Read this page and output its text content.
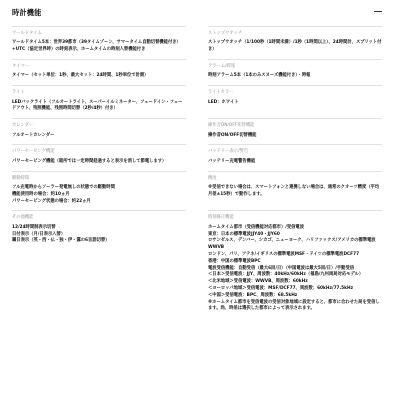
時計機能
ワールドタイム
ワールドタイム5本：世界39都市（39タイムゾーン、サマータイム自動切替機能付き）+UTC（協定世界時）の時刻表示、ホームタイムの時刻入替機能付き
ストップウオッチ
ストップウオッチ（1/100秒（1時間未満）/1秒（1時間以上）、24時間計、スプリット付き）
タイマー
タイマー（セット単位：1秒、最大セット：24時間、1秒単位で計測）
アラーム/時報
時刻アラーム5本（1本のみスヌーズ機能付き）・時報
ライト
LEDバックライト（フルオートライト、スーパーイルミネーター、フェードイン・フェードアウト、残照機能、残照時間切替（2秒/4秒）付き）
ライトカラー
LED：ホワイト
カレンダー
フルオートカレンダー
操作音ON/OFF切替機能
操作音ON/OFF切替機能
パワーセービング機能
パワーセービング機能（暗所では一定時間経過すると表示を消して節電します）
バッテリー表示/警告
バッテリー充電警告機能
駆動時間
フル充電時からソーラー発電無しの状態での駆動時間
機能使用時の場合：約10ヵ月
パワーセービング状態の場合：約22ヵ月
精度
※受信できない場合は、スマートフォンと連携しない場合は、通常のクオーツ精度（平均月差±15秒）で動作します。
その他機能
12/24時間制表示切替
日付表示（月/日表示入替）
曜日表示（英・西・仏・独・伊・露の6言語切替）
時刻修正機能
ホームタイム都市（受信機能対応都市）/受信電波
東京：日本の標準電波JJY40・JJY60
ロサンゼルス、デンバー、シカゴ、ニューヨーク、ハリファックス/アメリカの標準電波WWVB
ロンドン、パリ、アテネ/イギリスの標準電波MSF・ドイツの標準電波DCF77
香港：中国の標準電波BPC
電波受信機能：自動受信（最大6回/日）（中国電波は最大5回/日）/手動受信
＜日本＞受信電波：JJY、周波数：40kHz/60kHz（福島/九州両局対応モデル）
＜北米地域＞受信電波：WWVB、周波数：60kHz
＜ヨーロッパ地域＞受信電波：MSF/DCF77、周波数：60kHz/77.5kHz
＜中国＞受信電波：BPC、周波数：68.5kHz
※ホームタイム都市を受信電波の受信対象地域に設定すると、都市に合わせた局を受信します。尚、時差は選択した都市によって表示されます。
